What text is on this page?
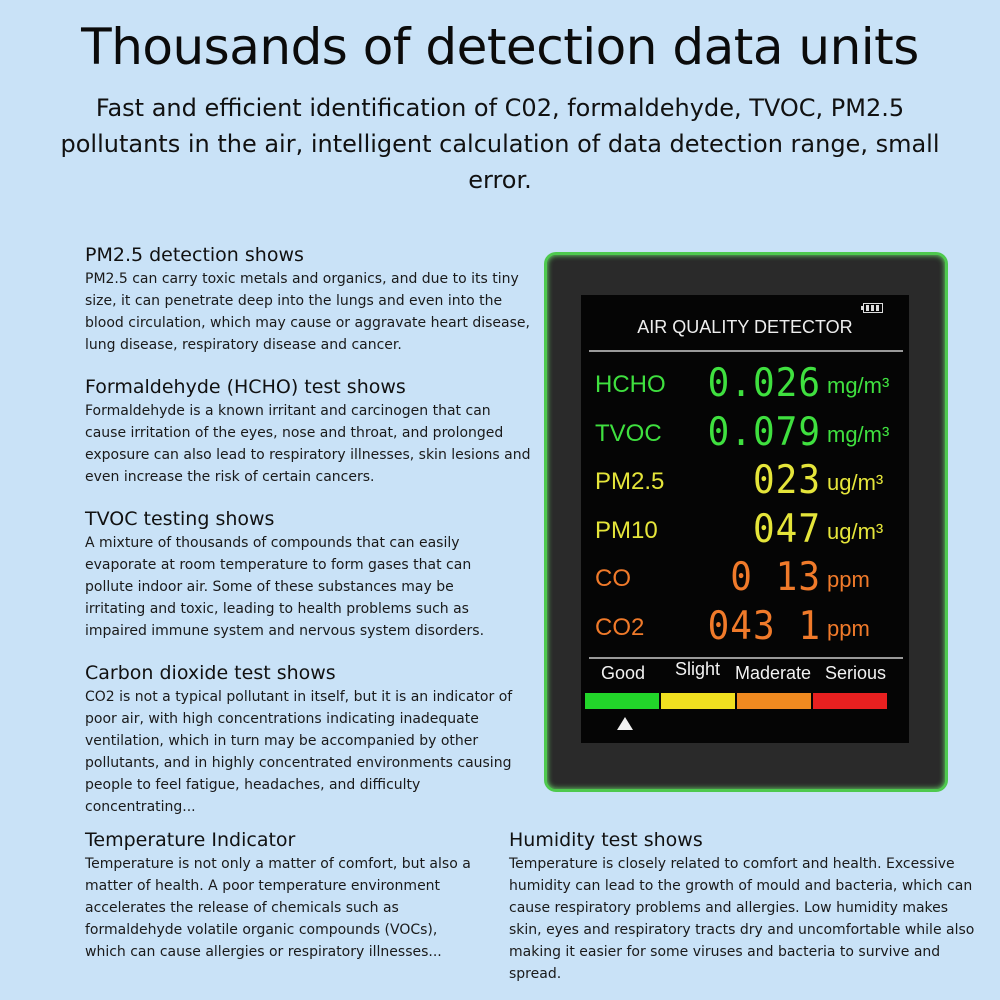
Thousands of detection data units
Fast and efficient identification of C02, formaldehyde, TVOC, PM2.5 pollutants in the air, intelligent calculation of data detection range, small error.
PM2.5 detection shows

PM2.5 can carry toxic metals and organics, and due to its tiny size, it can penetrate deep into the lungs and even into the blood circulation, which may cause or aggravate heart disease, lung disease, respiratory disease and cancer.

Formaldehyde (HCHO) test shows

Formaldehyde is a known irritant and carcinogen that can cause irritation of the eyes, nose and throat, and prolonged exposure can also lead to respiratory illnesses, skin lesions and even increase the risk of certain cancers.

TVOC testing shows

A mixture of thousands of compounds that can easily evaporate at room temperature to form gases that can pollute indoor air. Some of these substances may be irritating and toxic, leading to health problems such as impaired immune system and nervous system disorders.

Carbon dioxide test shows

CO2 is not a typical pollutant in itself, but it is an indicator of poor air, with high concentrations indicating inadequate ventilation, which in turn may be accompanied by other pollutants, and in highly concentrated environments causing people to feel fatigue, headaches, and difficulty concentrating...

Temperature Indicator

Temperature is not only a matter of comfort, but also a matter of health. A poor temperature environment accelerates the release of chemicals such as formaldehyde volatile organic compounds (VOCs), which can cause allergies or respiratory illnesses...

Humidity test shows

Temperature is closely related to comfort and health. Excessive humidity can lead to the growth of mould and bacteria, which can cause respiratory problems and allergies. Low humidity makes skin, eyes and respiratory tracts dry and uncomfortable while also making it easier for some viruses and bacteria to survive and spread.

AIR QUALITY DETECTOR
HCHO 0.026 mg/m³
TVOC 0.079 mg/m³
PM2.5 023 ug/m³
PM10	047 ug/m³
CO	0 13 ppm
CO2 043 1 ppm
Good Slight Maderate Serious
